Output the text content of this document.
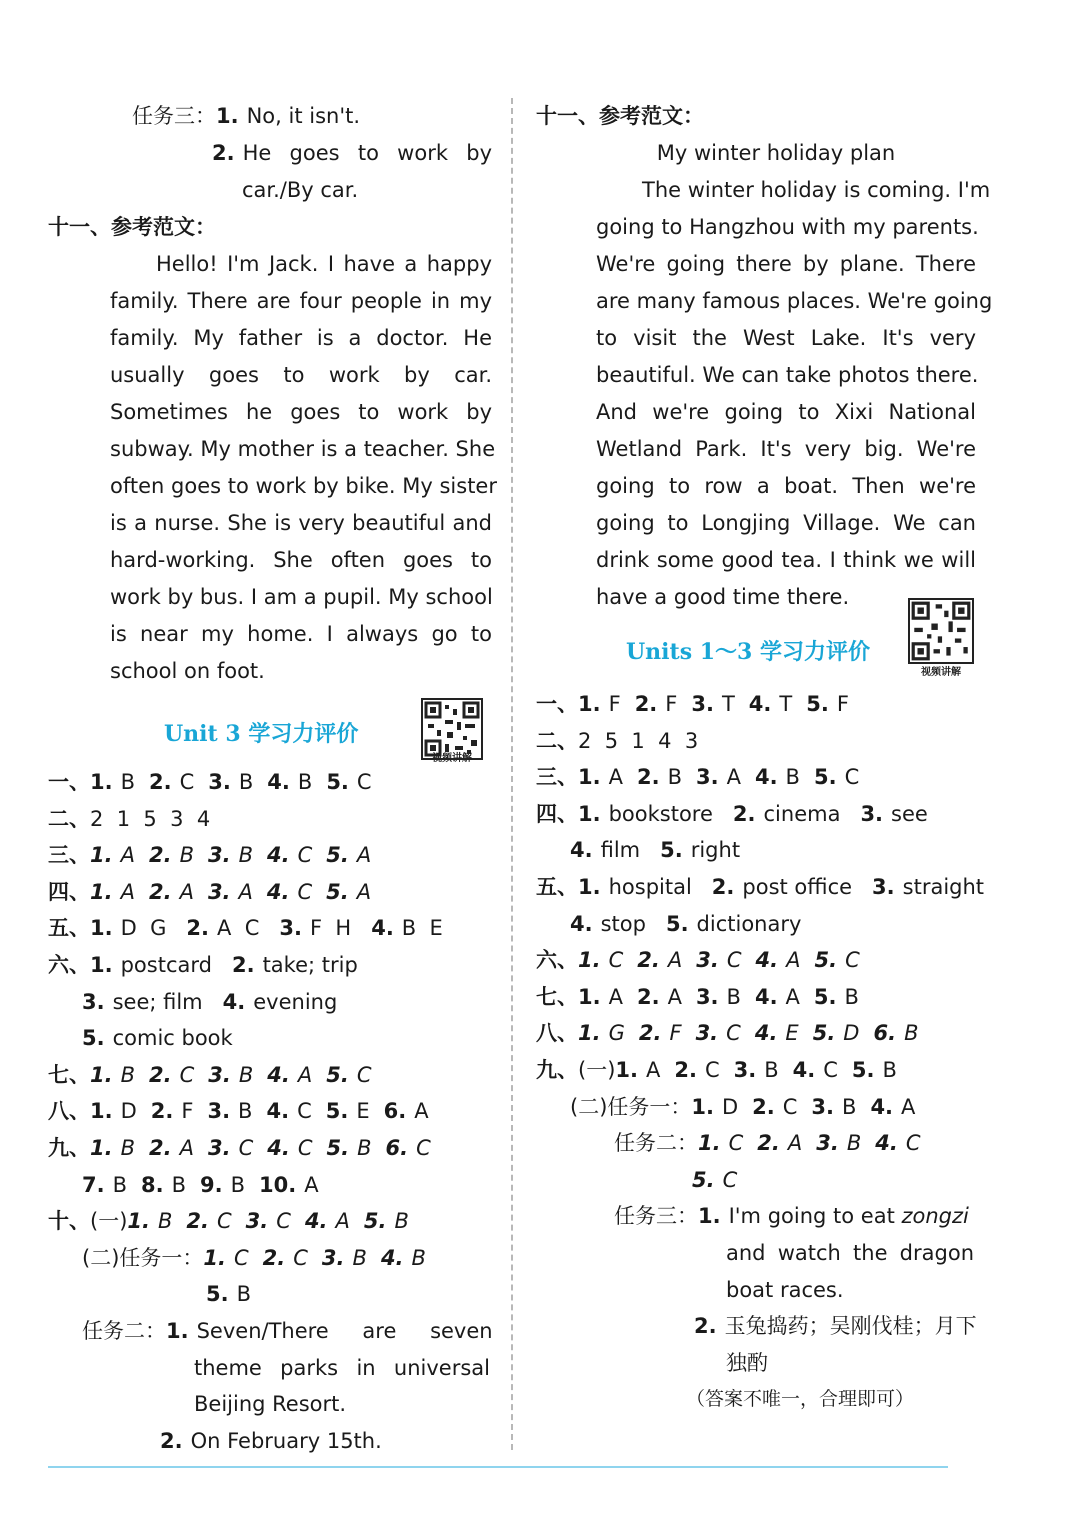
任务三：1. No, it isn't.
2. He goes to work by
car./By car.
十一、参考范文：
Hello! I'm Jack. I have a happy
family. There are four people in my
family. My father is a doctor. He
usually goes to work by car.
Sometimes he goes to work by
subway. My mother is a teacher. She
often goes to work by bike. My sister
is a nurse. She is very beautiful and
hard-working. She often goes to
work by bus. I am a pupil. My school
is near my home. I always go to
school on foot.
Unit 3 学习力评价
视频讲解
一、1. B 2. C 3. B 4. B 5. C
二、2  1  5  3  4
三、1. A 2. B 3. B 4. C 5. A
四、1. A 2. A 3. A 4. C 5. A
五、1. D  G 2. A  C 3. F  H 4. B  E
六、1. postcard 2. take; trip
3. see; film 4. evening
5. comic book
七、1. B 2. C 3. B 4. A 5. C
八、1. D 2. F 3. B 4. C 5. E 6. A
九、1. B 2. A 3. C 4. C 5. B 6. C
7. B 8. B 9. B 10. A
十、(一)1. B 2. C 3. C 4. A 5. B
(二)任务一：1. C 2. C 3. B 4. B
5. B
任务二：1. Seven/There are seven
theme parks in universal
Beijing Resort.
2. On February 15th.
十一、参考范文：
My winter holiday plan
The winter holiday is coming. I'm
going to Hangzhou with my parents.
We're going there by plane. There
are many famous places. We're going
to visit the West Lake. It's very
beautiful. We can take photos there.
And we're going to Xixi National
Wetland Park. It's very big. We're
going to row a boat. Then we're
going to Longjing Village. We can
drink some good tea. I think we will
have a good time there.
Units 1～3 学习力评价
视频讲解
一、1. F 2. F 3. T 4. T 5. F
二、2  5  1  4  3
三、1. A 2. B 3. A 4. B 5. C
四、1. bookstore 2. cinema 3. see
4. film 5. right
五、1. hospital 2. post office 3. straight
4. stop 5. dictionary
六、1. C 2. A 3. C 4. A 5. C
七、1. A 2. A 3. B 4. A 5. B
八、1. G 2. F 3. C 4. E 5. D 6. B
九、(一)1. A 2. C 3. B 4. C 5. B
(二)任务一：1. D 2. C 3. B 4. A
任务二：1. C 2. A 3. B 4. C
5. C
任务三：1. I'm going to eat zongzi
and watch the dragon
boat races.
2. 玉兔捣药；吴刚伐桂；月下
独酌
（答案不唯一，合理即可）
